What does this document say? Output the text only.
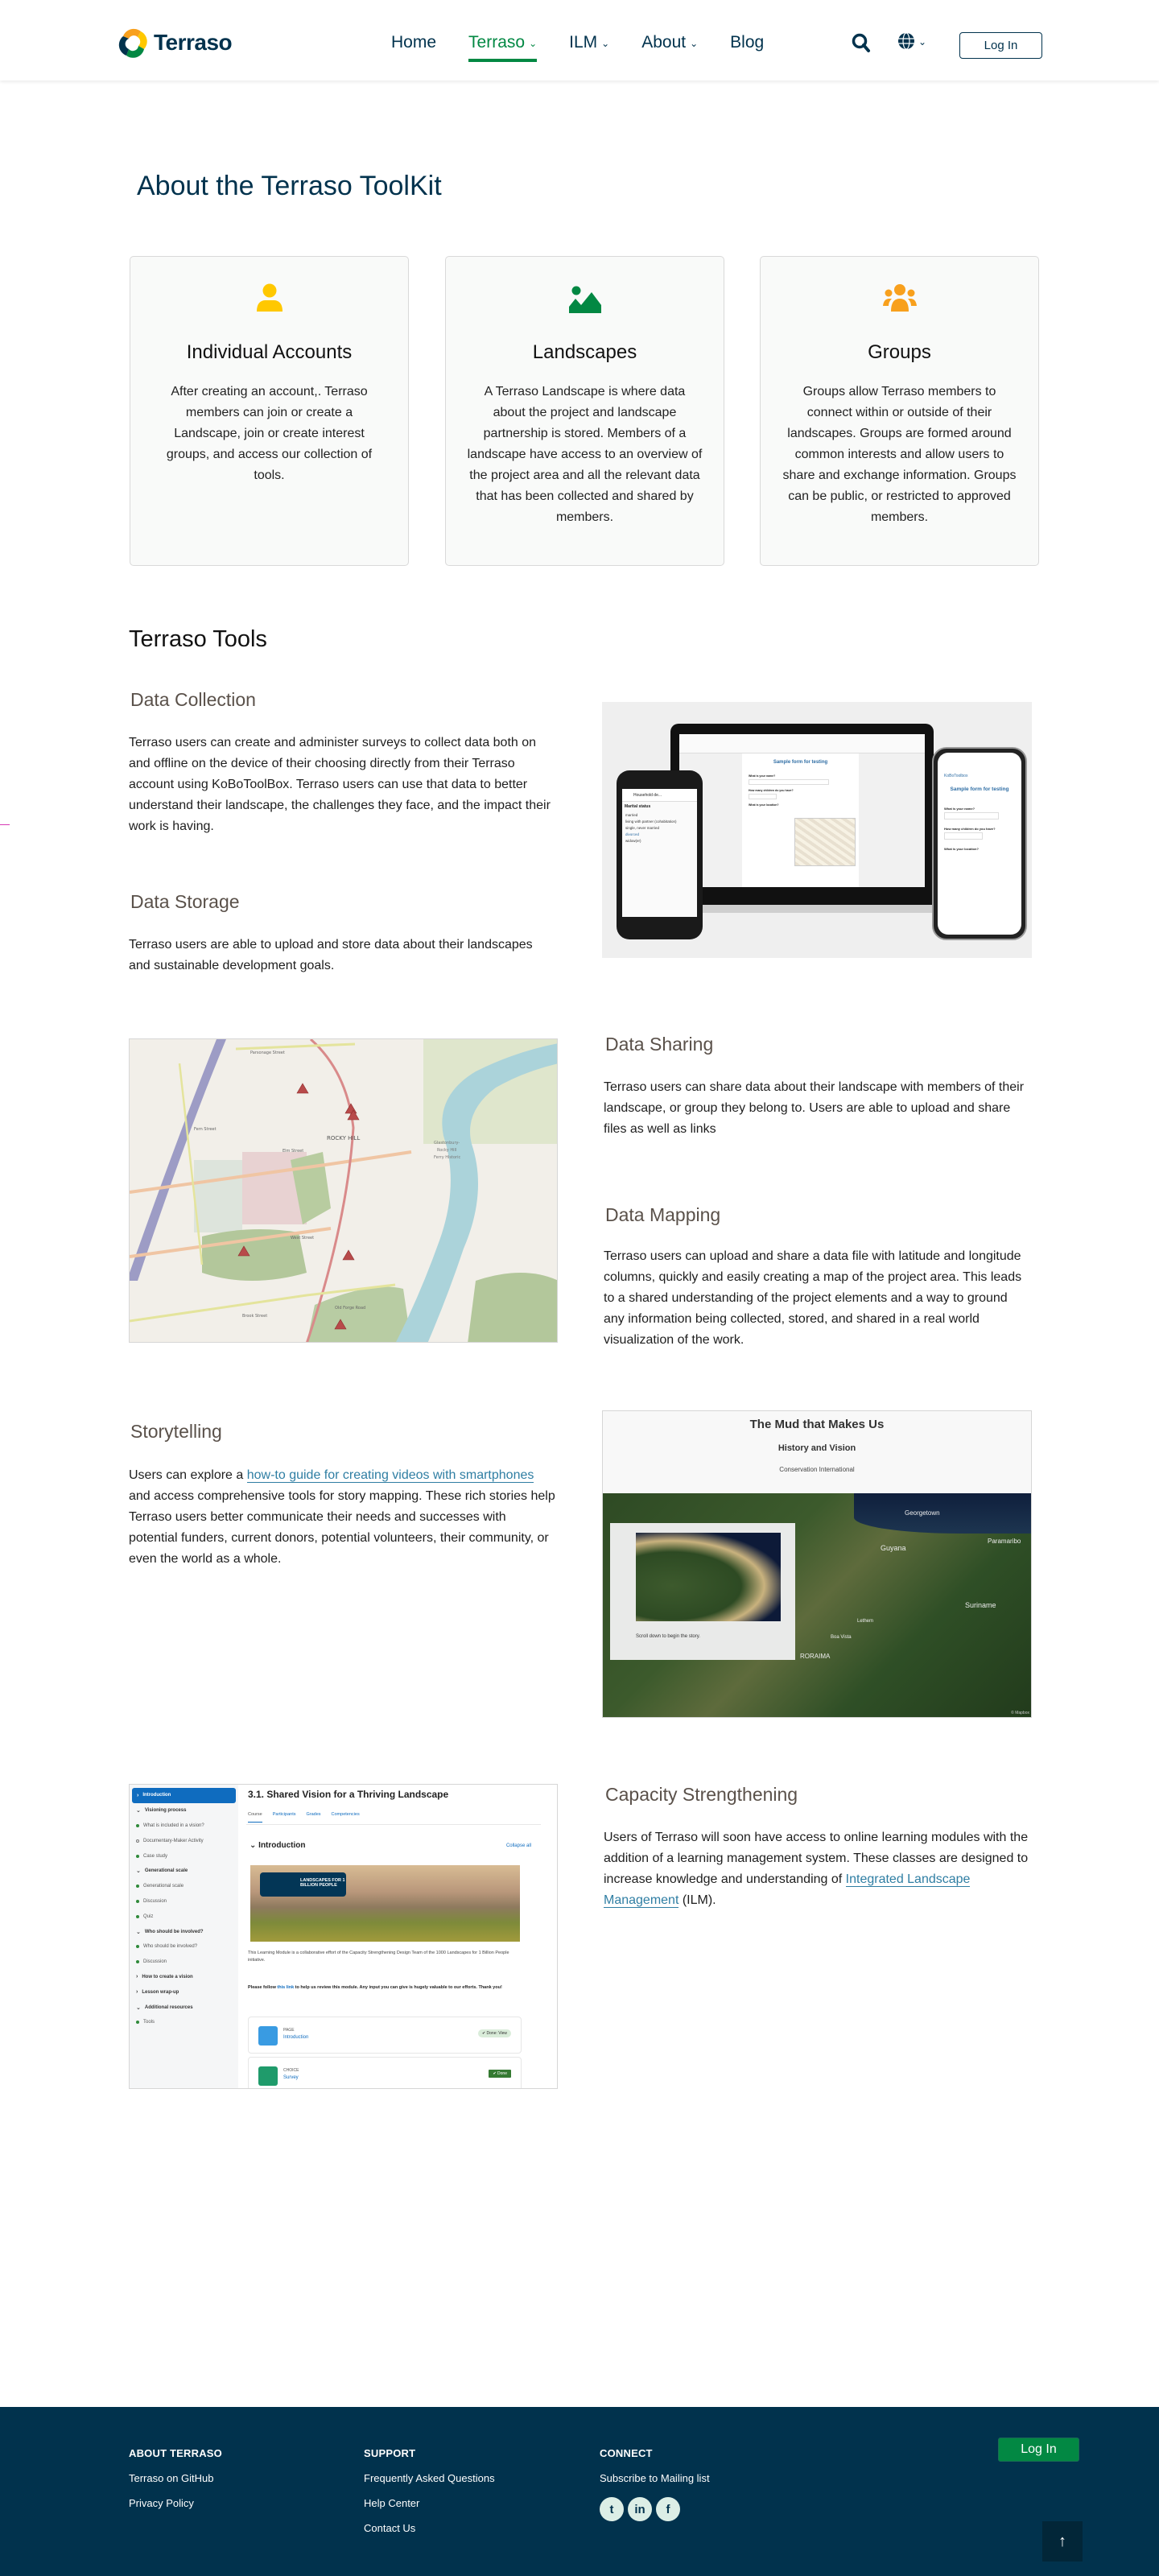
Terraso	Home Terraso ⌄ ILM ⌄ About ⌄ Blog	⌄	Log In
About the Terraso ToolKit
Individual Accounts

After creating an account,. Terraso members can join or create a Landscape, join or create interest groups, and access our collection of tools.

Landscapes

A Terraso Landscape is where data about the project and landscape partnership is stored. Members of a landscape have access to an overview of the project area and all the relevant data that has been collected and shared by members.

Groups

Groups allow Terraso members to connect within or outside of their landscapes. Groups are formed around common interests and allow users to share and exchange information. Groups can be public, or restricted to approved members.

Terraso Tools
Data Collection

Terraso users can create and administer surveys to collect data both on and offline on the device of their choosing directly from their Terraso account using KoBoToolBox. Terraso users can use that data to better understand their landscape, the challenges they face, and the impact their work is having.

Data Storage

Terraso users are able to upload and store data about their landscapes and sustainable development goals.

Sample form for testing
What is your name?
How many children do you have?
What is your location?
Household de...
Marital status
married
living with partner (cohabitation)
single, never married
divorced
widow(er)
KoBoToolbox
Sample form for testing
What is your name?
How many children do you have?
What is your location?
ROCKY HILL
Parsonage Street
Fern Street
Elm Street
West Street
Brook Street
Old Forge Road
Glastonbury-
Rocky Hill
Ferry Historic
Data Sharing

Terraso users can share data about their landscape with members of their landscape, or group they belong to. Users are able to upload and share files as well as links

Data Mapping

Terraso users can upload and share a data file with latitude and longitude columns, quickly and easily creating a map of the project area. This leads to a shared understanding of the project elements and a way to ground any information being collected, stored, and shared in a real world visualization of the work.

Storytelling

Users can explore a how-to guide for creating videos with smartphones and access comprehensive tools for story mapping. These rich stories help Terraso users better communicate their needs and successes with potential funders, current donors, potential volunteers, their community, or even the world as a whole.

The Mud that Makes Us
History and Vision
Conservation International
Georgetown
Guyana
Suriname
Paramaribo
RORAIMA
Boa Vista
Lethem
© Mapbox
Scroll down to begin the story.
› Introduction
⌄ Visioning process
What is included in a vision?
Documentary-Maker Activity
Case study
⌄ Generational scale
Generational scale
Discussion
Quiz
⌄ Who should be involved?
Who should be involved?
Discussion
› How to create a vision
› Lesson wrap-up
⌄ Additional resources
Tools
3.1. Shared Vision for a Thriving Landscape
Course Participants Grades Competencies
⌄ Introduction	Collapse all
LANDSCAPES FOR 1 BILLION PEOPLE
This Learning Module is a collaborative effort of the Capacity Strengthening Design Team of the 1000 Landscapes for 1 Billion People initiative.
Please follow this link to help us review this module. Any input you can give is hugely valuable to our efforts. Thank you!
PAGE
Introduction
✔ Done: View
CHOICE
Survey
✔ Done
Capacity Strengthening

Users of Terraso will soon have access to online learning modules with the addition of a learning management system. These classes are designed to increase knowledge and understanding of Integrated Landscape Management (ILM).

ABOUT TERRASO
Terraso on GitHub
Privacy Policy
SUPPORT
Frequently Asked Questions
Help Center
Contact Us
CONNECT
Subscribe to Mailing list
t	in	f
Log In
↑
